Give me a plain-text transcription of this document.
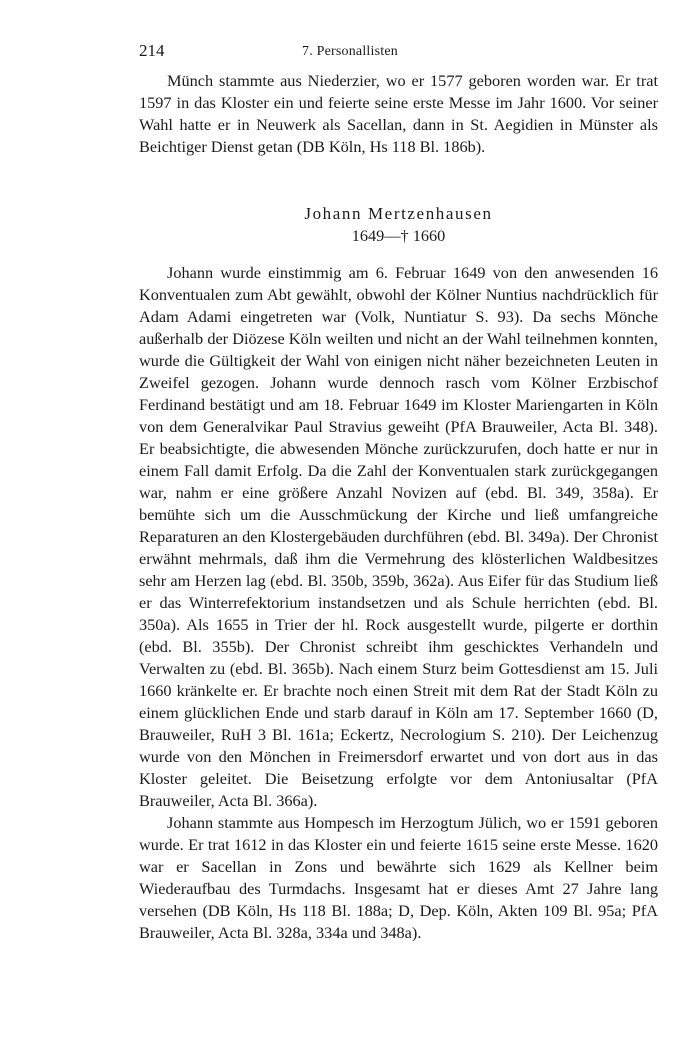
214	7. Personallisten

Münch stammte aus Niederzier, wo er 1577 geboren worden war. Er trat 1597 in das Kloster ein und feierte seine erste Messe im Jahr 1600. Vor seiner Wahl hatte er in Neuwerk als Sacellan, dann in St. Aegidien in Münster als Beichtiger Dienst getan (DB Köln, Hs 118 Bl. 186b).

Johann Mertzenhausen
1649—† 1660

Johann wurde einstimmig am 6. Februar 1649 von den anwesenden 16 Konventualen zum Abt gewählt, obwohl der Kölner Nuntius nachdrücklich für Adam Adami eingetreten war (Volk, Nuntiatur S. 93). Da sechs Mönche außerhalb der Diözese Köln weilten und nicht an der Wahl teilnehmen konnten, wurde die Gültigkeit der Wahl von einigen nicht näher bezeichneten Leuten in Zweifel gezogen. Johann wurde dennoch rasch vom Kölner Erzbischof Ferdinand bestätigt und am 18. Februar 1649 im Kloster Mariengarten in Köln von dem Generalvikar Paul Stravius geweiht (PfA Brauweiler, Acta Bl. 348). Er beabsichtigte, die abwesenden Mönche zurückzurufen, doch hatte er nur in einem Fall damit Erfolg. Da die Zahl der Konventualen stark zurückgegangen war, nahm er eine größere Anzahl Novizen auf (ebd. Bl. 349, 358a). Er bemühte sich um die Ausschmückung der Kirche und ließ umfangreiche Reparaturen an den Klostergebäuden durchführen (ebd. Bl. 349a). Der Chronist erwähnt mehrmals, daß ihm die Vermehrung des klösterlichen Waldbesitzes sehr am Herzen lag (ebd. Bl. 350b, 359b, 362a). Aus Eifer für das Studium ließ er das Winterrefektorium instandsetzen und als Schule herrichten (ebd. Bl. 350a). Als 1655 in Trier der hl. Rock ausgestellt wurde, pilgerte er dorthin (ebd. Bl. 355b). Der Chronist schreibt ihm geschicktes Verhandeln und Verwalten zu (ebd. Bl. 365b). Nach einem Sturz beim Gottesdienst am 15. Juli 1660 kränkelte er. Er brachte noch einen Streit mit dem Rat der Stadt Köln zu einem glücklichen Ende und starb darauf in Köln am 17. September 1660 (D, Brauweiler, RuH 3 Bl. 161a; Eckertz, Necrologium S. 210). Der Leichenzug wurde von den Mönchen in Freimersdorf erwartet und von dort aus in das Kloster geleitet. Die Beisetzung erfolgte vor dem Antoniusaltar (PfA Brauweiler, Acta Bl. 366a).

Johann stammte aus Hompesch im Herzogtum Jülich, wo er 1591 geboren wurde. Er trat 1612 in das Kloster ein und feierte 1615 seine erste Messe. 1620 war er Sacellan in Zons und bewährte sich 1629 als Kellner beim Wiederaufbau des Turmdachs. Insgesamt hat er dieses Amt 27 Jahre lang versehen (DB Köln, Hs 118 Bl. 188a; D, Dep. Köln, Akten 109 Bl. 95a; PfA Brauweiler, Acta Bl. 328a, 334a und 348a).
